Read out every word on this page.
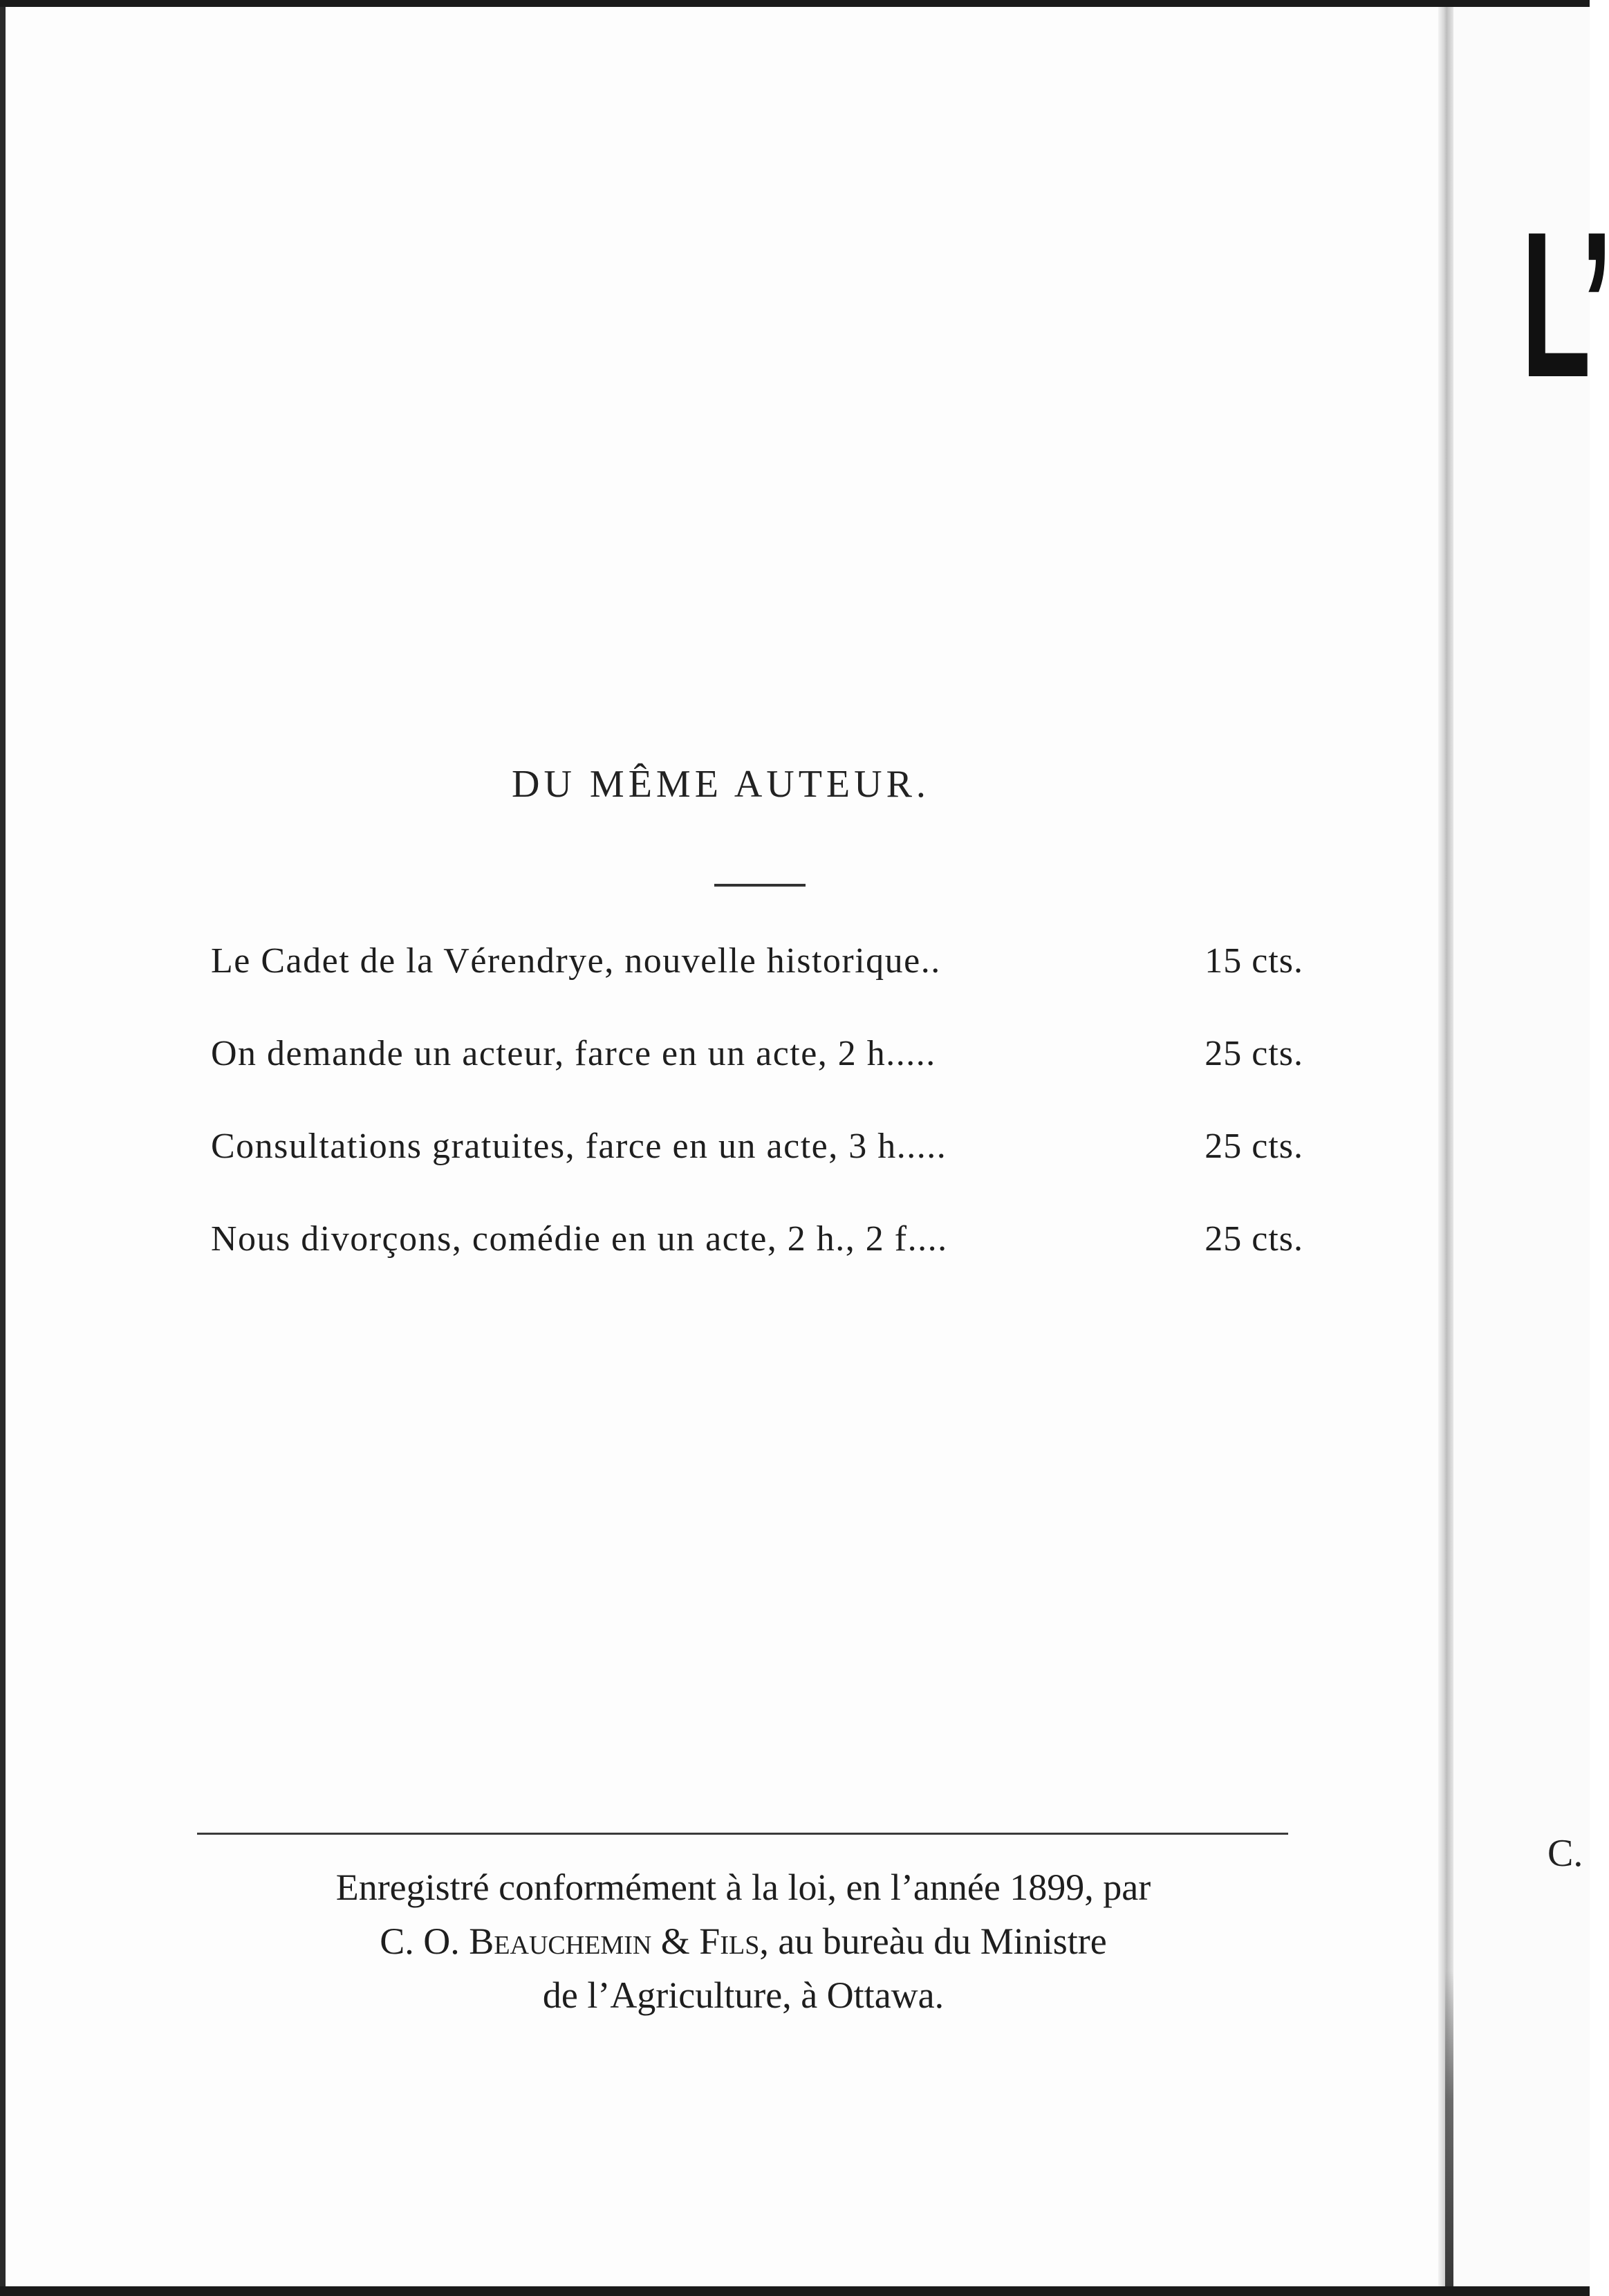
DU MÊME AUTEUR.
Le Cadet de la Vérendrye, nouvelle historique..	15 cts.
On demande un acteur, farce en un acte, 2 h.....	25 cts.
Consultations gratuites, farce en un acte, 3 h.....	25 cts.
Nous divorçons, comédie en un acte, 2 h., 2 f....	25 cts.
Enregistré conformément à la loi, en l’année 1899, par
C. O. Beauchemin & Fils, au bureàu du Ministre
de l’Agriculture, à Ottawa.
L’
C.
